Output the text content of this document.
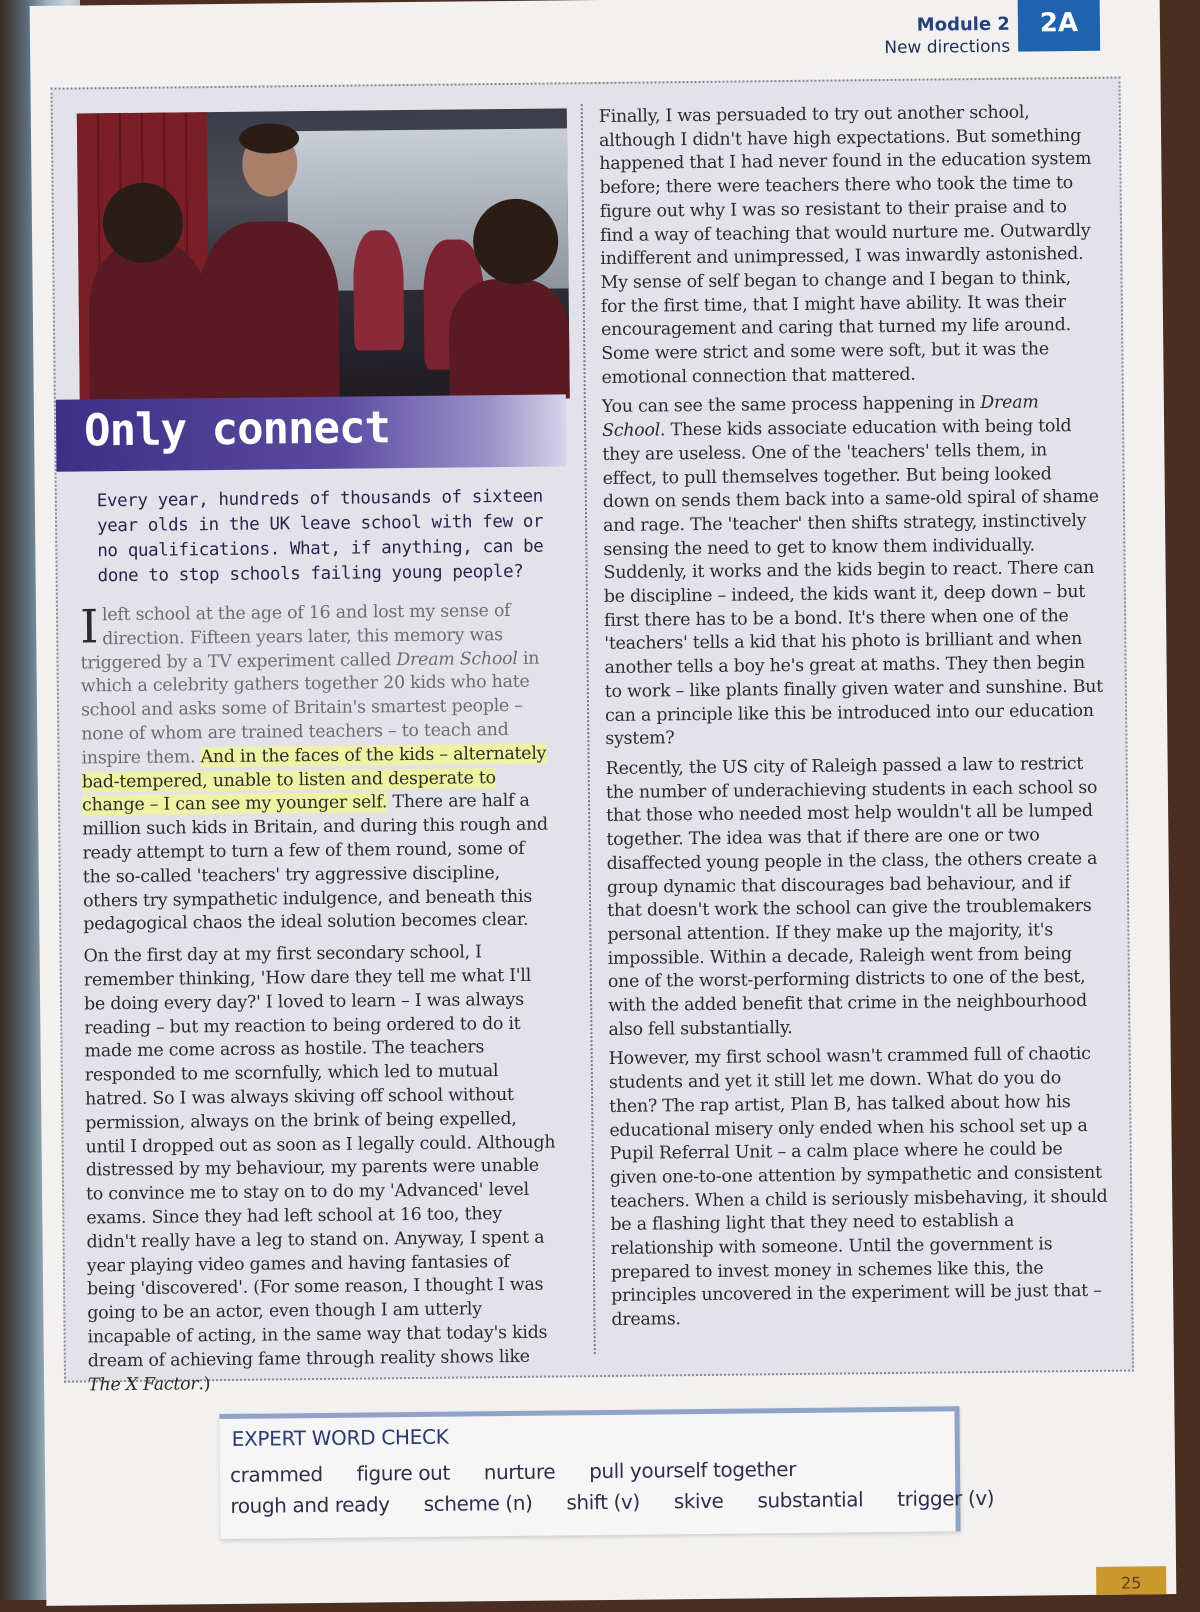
Module 2
New directions
2A
Only connect
Every year, hundreds of thousands of sixteen year olds in the UK leave school with few or no qualifications. What, if anything, can be done to stop schools failing young people?

Ileft school at the age of 16 and lost my sense of direction. Fifteen years later, this memory was triggered by a TV experiment called Dream School in which a celebrity gathers together 20 kids who hate school and asks some of Britain's smartest people – none of whom are trained teachers – to teach and inspire them. And in the faces of the kids – alternately bad-tempered, unable to listen and desperate to change – I can see my younger self. There are half a million such kids in Britain, and during this rough and ready attempt to turn a few of them round, some of the so-called 'teachers' try aggressive discipline, others try sympathetic indulgence, and beneath this pedagogical chaos the ideal solution becomes clear.

On the first day at my first secondary school, I remember thinking, 'How dare they tell me what I'll be doing every day?' I loved to learn – I was always reading – but my reaction to being ordered to do it made me come across as hostile. The teachers responded to me scornfully, which led to mutual hatred. So I was always skiving off school without permission, always on the brink of being expelled, until I dropped out as soon as I legally could. Although distressed by my behaviour, my parents were unable to convince me to stay on to do my 'Advanced' level exams. Since they had left school at 16 too, they didn't really have a leg to stand on. Anyway, I spent a year playing video games and having fantasies of being 'discovered'. (For some reason, I thought I was going to be an actor, even though I am utterly incapable of acting, in the same way that today's kids dream of achieving fame through reality shows like The X Factor.)

Finally, I was persuaded to try out another school, although I didn't have high expectations. But something happened that I had never found in the education system before; there were teachers there who took the time to figure out why I was so resistant to their praise and to find a way of teaching that would nurture me. Outwardly indifferent and unimpressed, I was inwardly astonished. My sense of self began to change and I began to think, for the first time, that I might have ability. It was their encouragement and caring that turned my life around. Some were strict and some were soft, but it was the emotional connection that mattered.

You can see the same process happening in Dream School. These kids associate education with being told they are useless. One of the 'teachers' tells them, in effect, to pull themselves together. But being looked down on sends them back into a same-old spiral of shame and rage. The 'teacher' then shifts strategy, instinctively sensing the need to get to know them individually. Suddenly, it works and the kids begin to react. There can be discipline – indeed, the kids want it, deep down – but first there has to be a bond. It's there when one of the 'teachers' tells a kid that his photo is brilliant and when another tells a boy he's great at maths. They then begin to work – like plants finally given water and sunshine. But can a principle like this be introduced into our education system?

Recently, the US city of Raleigh passed a law to restrict the number of underachieving students in each school so that those who needed most help wouldn't all be lumped together. The idea was that if there are one or two disaffected young people in the class, the others create a group dynamic that discourages bad behaviour, and if that doesn't work the school can give the troublemakers personal attention. If they make up the majority, it's impossible. Within a decade, Raleigh went from being one of the worst-performing districts to one of the best, with the added benefit that crime in the neighbourhood also fell substantially.

However, my first school wasn't crammed full of chaotic students and yet it still let me down. What do you do then? The rap artist, Plan B, has talked about how his educational misery only ended when his school set up a Pupil Referral Unit – a calm place where he could be given one-to-one attention by sympathetic and consistent teachers. When a child is seriously misbehaving, it should be a flashing light that they need to establish a relationship with someone. Until the government is prepared to invest money in schemes like this, the principles uncovered in the experiment will be just that – dreams.

EXPERT WORD CHECK
crammed figure out nurture pull yourself together
rough and ready scheme (n) shift (v) skive substantial trigger (v)
25
